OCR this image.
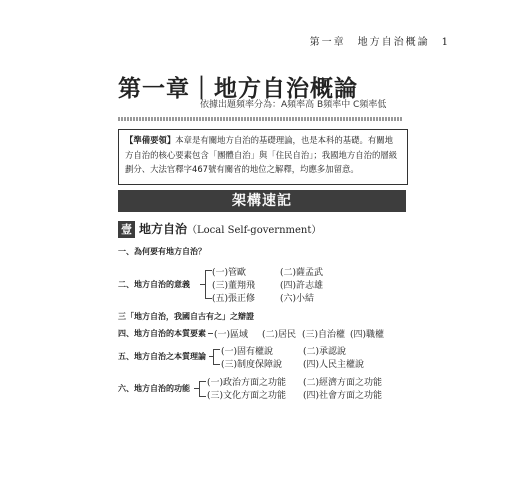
第一章　地方自治概論　1
第一章｜地方自治概論
依據出題頻率分為：A頻率高 B頻率中 C頻率低
【準備要領】本章是有關地方自治的基礎理論，也是本科的基礎。有關地方自治的核心要素包含「團體自治」與「住民自治」；我國地方自治的層級劃分、大法官釋字467號有關省的地位之解釋，均應多加留意。
架構速記
壹 地方自治（Local Self-government）
一、為何要有地方自治？
二、地方自治的意義
(一)管歐
(三)董翔飛
(五)張正修
(二)薩孟武
(四)許志雄
(六)小結
三「地方自治，我國自古有之」之辯證
四、地方自治的本質要素 (一)區域 (二)居民 (三)自治權 (四)職權
五、地方自治之本質理論 (一)固有權說
(三)制度保障說
(二)承認說
(四)人民主權說
六、地方自治的功能
(一)政治方面之功能
(三)文化方面之功能
(二)經濟方面之功能
(四)社會方面之功能
